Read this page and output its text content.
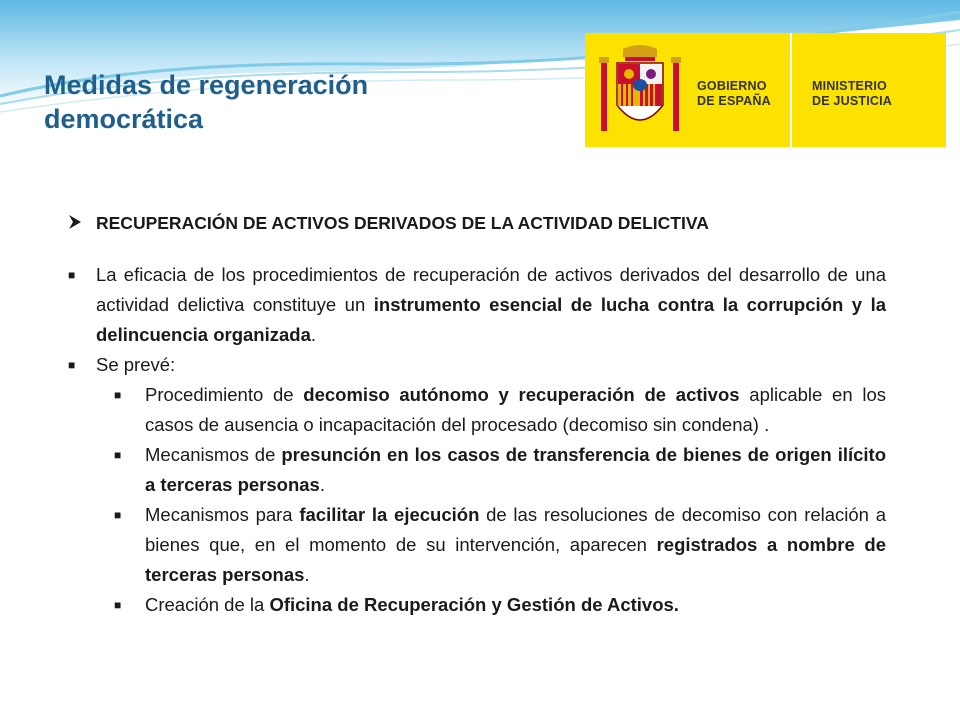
Medidas de regeneración
democrática
GOBIERNO
DE ESPAÑA
MINISTERIO
DE JUSTICIA
RECUPERACIÓN DE ACTIVOS DERIVADOS DE LA ACTIVIDAD DELICTIVA
■	La eficacia de los procedimientos de recuperación de activos derivados del desarrollo de una actividad delictiva constituye un instrumento esencial de lucha contra la corrupción y la delincuencia organizada.
■	Se prevé:
■	Procedimiento de decomiso autónomo y recuperación de activos aplicable en los casos de ausencia o incapacitación del procesado (decomiso sin condena) .
■	Mecanismos de presunción en los casos de transferencia de bienes de origen ilícito a terceras personas.
■	Mecanismos para facilitar la ejecución de las resoluciones de decomiso con relación a bienes que, en el momento de su intervención, aparecen registrados a nombre de terceras personas.
■	Creación de la Oficina de Recuperación y Gestión de Activos.
